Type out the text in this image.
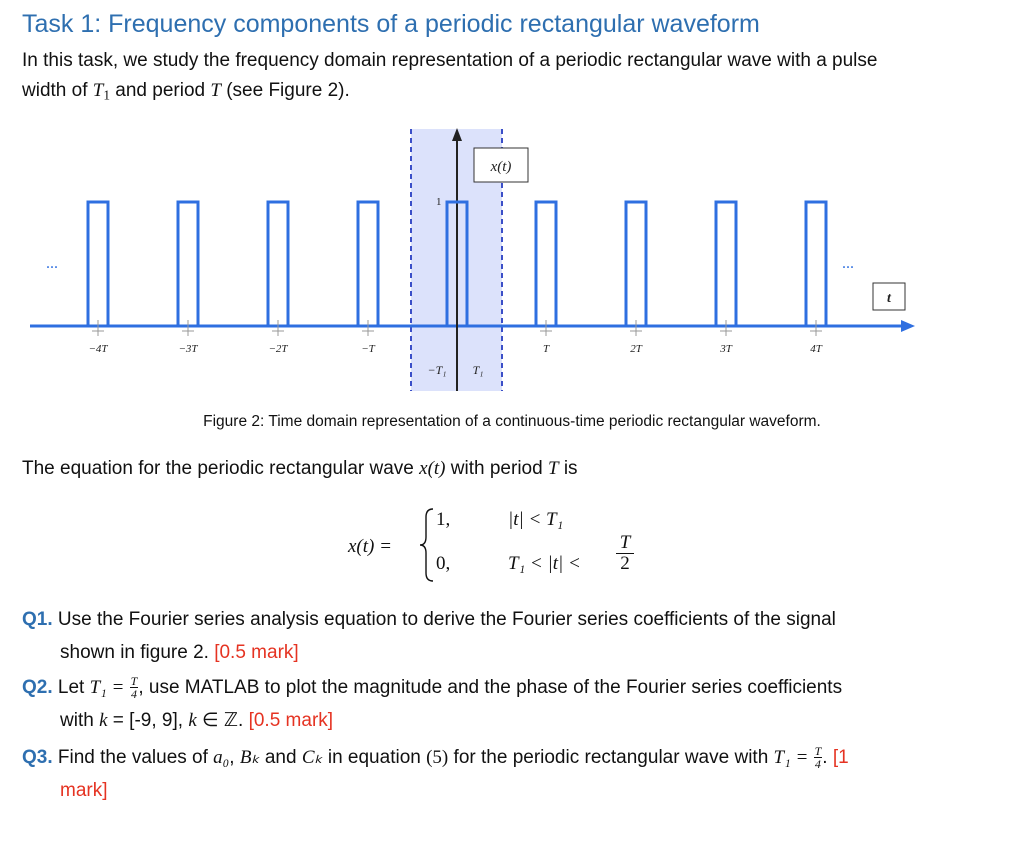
Task 1: Frequency components of a periodic rectangular waveform
In this task, we study the frequency domain representation of a periodic rectangular wave with a pulse
width of $T_1$ and period T (see Figure 2).
−4T	−3T	−2T	−T	T	2T	3T	4T
−T₁ T₁
1
x(t)
t
...	...
Figure 2: Time domain representation of a continuous-time periodic rectangular waveform.
The equation for the periodic rectangular wave x(t) with period T is
x(t) =
1,	|t| < T₁
0,	T₁ < |t| <
T
2
Q1. Use the Fourier series analysis equation to derive the Fourier series coefficients of the signal
shown in figure 2. [0.5 mark]
Q2. Let $T_1 = \frac{T}{4}$ , use MATLAB to plot the magnitude and the phase of the Fourier series coefficients
with k = [-9, 9], k ∈ ℤ. [0.5 mark]
Q3. Find the values of a₀, Bₖ and Cₖ in equation (5) for the periodic rectangular wave with $T_1 = \frac{T}{4}$ . [1
mark]
